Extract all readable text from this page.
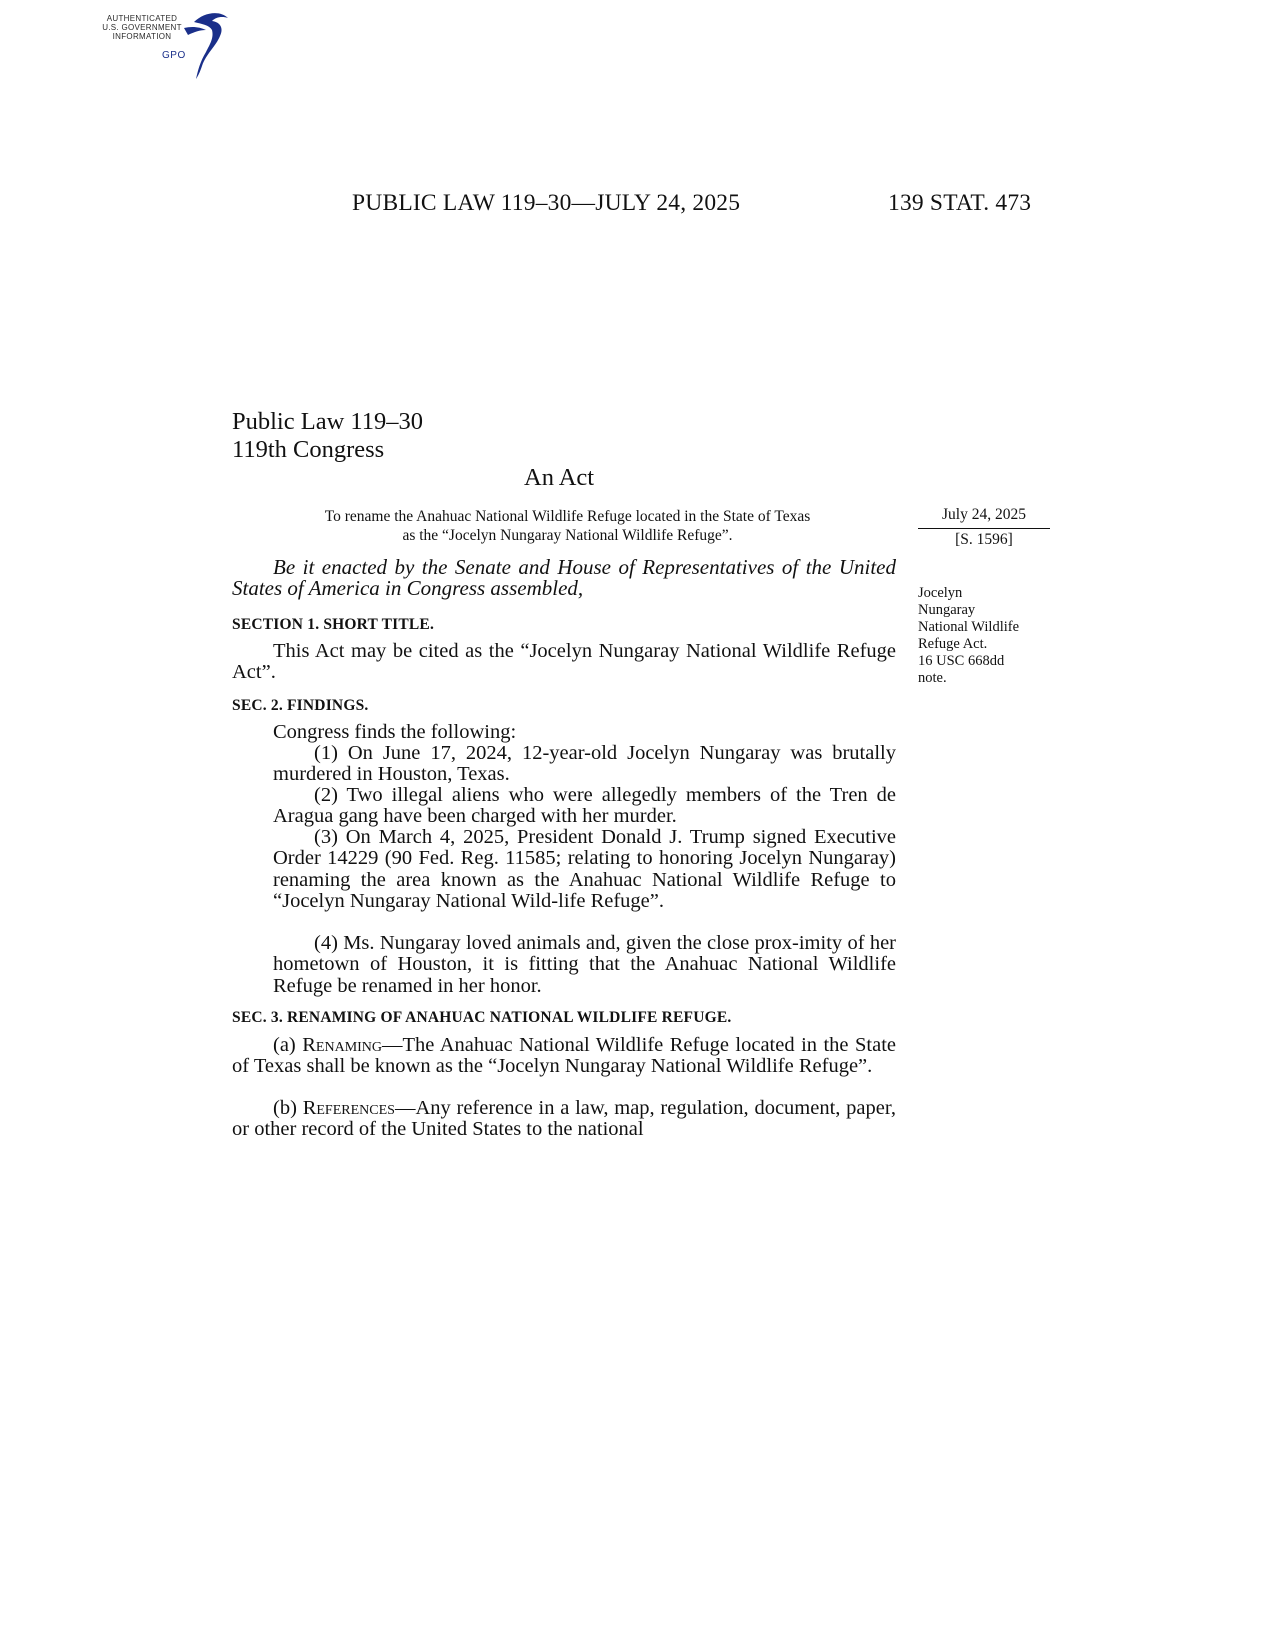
AUTHENTICATED
U.S. GOVERNMENT
INFORMATION
GPO
PUBLIC LAW 119–30—JULY 24, 2025	139 STAT. 473
Public Law 119–30
119th Congress
An Act
To rename the Anahuac National Wildlife Refuge located in the State of Texas
as the “Jocelyn Nungaray National Wildlife Refuge”.
July 24, 2025
[S. 1596]
Jocelyn
Nungaray
National Wildlife
Refuge Act.
16 USC 668dd
note.
Be it enacted by the Senate and House of Representatives of the United States of America in Congress assembled,
SECTION 1. SHORT TITLE.
This Act may be cited as the “Jocelyn Nungaray National Wildlife Refuge Act”.
SEC. 2. FINDINGS.
Congress finds the following:
(1) On June 17, 2024, 12-year-old Jocelyn Nungaray was brutally murdered in Houston, Texas.
(2) Two illegal aliens who were allegedly members of the Tren de Aragua gang have been charged with her murder.
(3) On March 4, 2025, President Donald J. Trump signed Executive Order 14229 (90 Fed. Reg. 11585; relating to honoring Jocelyn Nungaray) renaming the area known as the Anahuac National Wildlife Refuge to “Jocelyn Nungaray National Wild-life Refuge”.
(4) Ms. Nungaray loved animals and, given the close prox-imity of her hometown of Houston, it is fitting that the Anahuac National Wildlife Refuge be renamed in her honor.
SEC. 3. RENAMING OF ANAHUAC NATIONAL WILDLIFE REFUGE.
(a) Renaming—The Anahuac National Wildlife Refuge located in the State of Texas shall be known as the “Jocelyn Nungaray National Wildlife Refuge”.
(b) References—Any reference in a law, map, regulation, document, paper, or other record of the United States to the national
